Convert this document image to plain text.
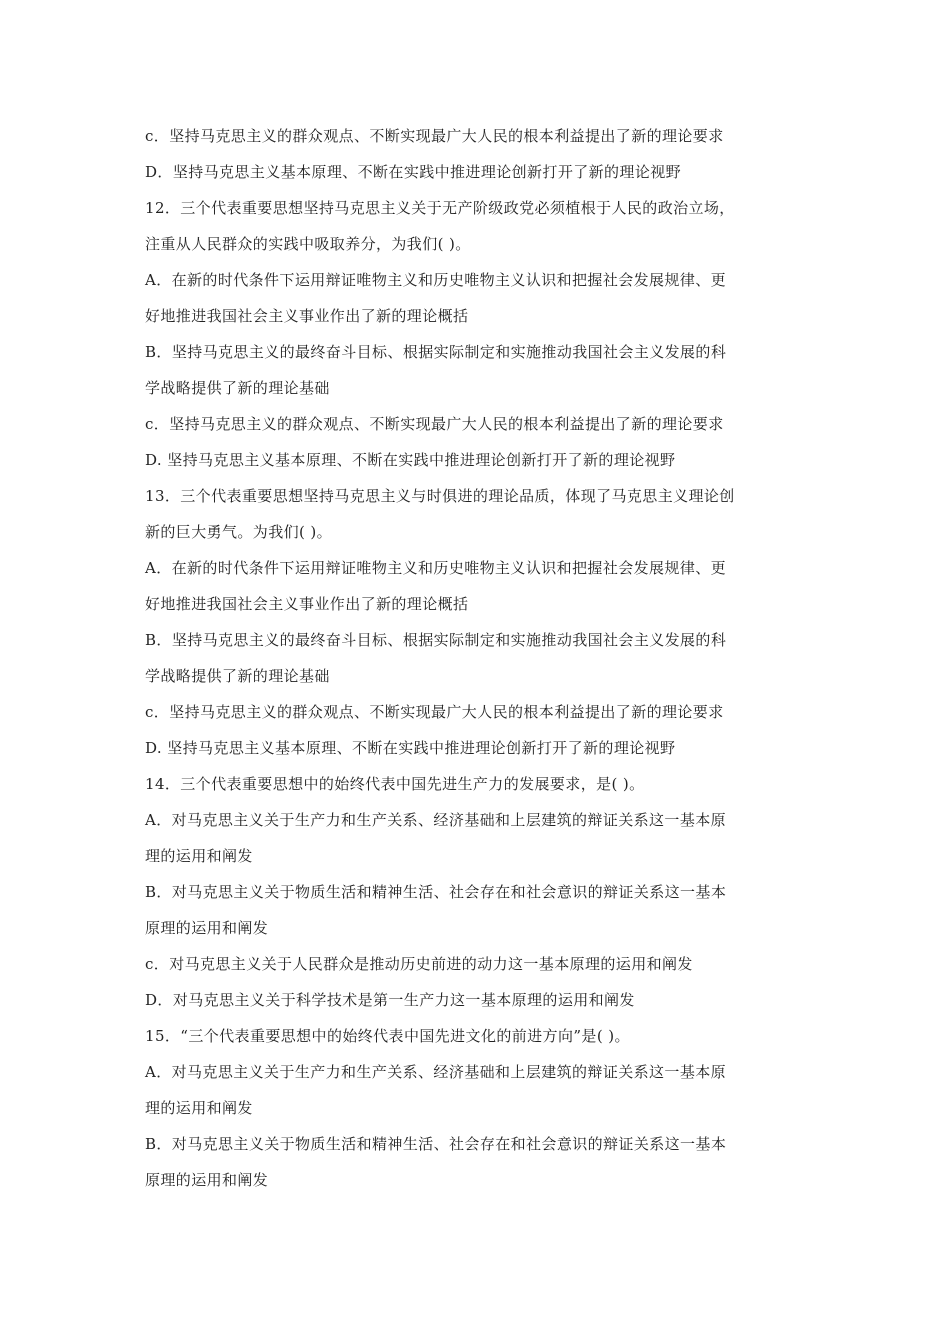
c．坚持马克思主义的群众观点、不断实现最广大人民的根本利益提出了新的理论要求
D．坚持马克思主义基本原理、不断在实践中推进理论创新打开了新的理论视野
12．三个代表重要思想坚持马克思主义关于无产阶级政党必须植根于人民的政治立场，
注重从人民群众的实践中吸取养分，为我们( )。
A．在新的时代条件下运用辩证唯物主义和历史唯物主义认识和把握社会发展规律、更
好地推进我国社会主义事业作出了新的理论概括
B．坚持马克思主义的最终奋斗目标、根据实际制定和实施推动我国社会主义发展的科
学战略提供了新的理论基础
c．坚持马克思主义的群众观点、不断实现最广大人民的根本利益提出了新的理论要求
D. 坚持马克思主义基本原理、不断在实践中推进理论创新打开了新的理论视野
13．三个代表重要思想坚持马克思主义与时俱进的理论品质，体现了马克思主义理论创
新的巨大勇气。为我们( )。
A．在新的时代条件下运用辩证唯物主义和历史唯物主义认识和把握社会发展规律、更
好地推进我国社会主义事业作出了新的理论概括
B．坚持马克思主义的最终奋斗目标、根据实际制定和实施推动我国社会主义发展的科
学战略提供了新的理论基础
c．坚持马克思主义的群众观点、不断实现最广大人民的根本利益提出了新的理论要求
D. 坚持马克思主义基本原理、不断在实践中推进理论创新打开了新的理论视野
14．三个代表重要思想中的始终代表中国先进生产力的发展要求，是( )。
A．对马克思主义关于生产力和生产关系、经济基础和上层建筑的辩证关系这一基本原
理的运用和阐发
B．对马克思主义关于物质生活和精神生活、社会存在和社会意识的辩证关系这一基本
原理的运用和阐发
c．对马克思主义关于人民群众是推动历史前进的动力这一基本原理的运用和阐发
D．对马克思主义关于科学技术是第一生产力这一基本原理的运用和阐发
15．“三个代表重要思想中的始终代表中国先进文化的前进方向”是( )。
A．对马克思主义关于生产力和生产关系、经济基础和上层建筑的辩证关系这一基本原
理的运用和阐发
B．对马克思主义关于物质生活和精神生活、社会存在和社会意识的辩证关系这一基本
原理的运用和阐发
